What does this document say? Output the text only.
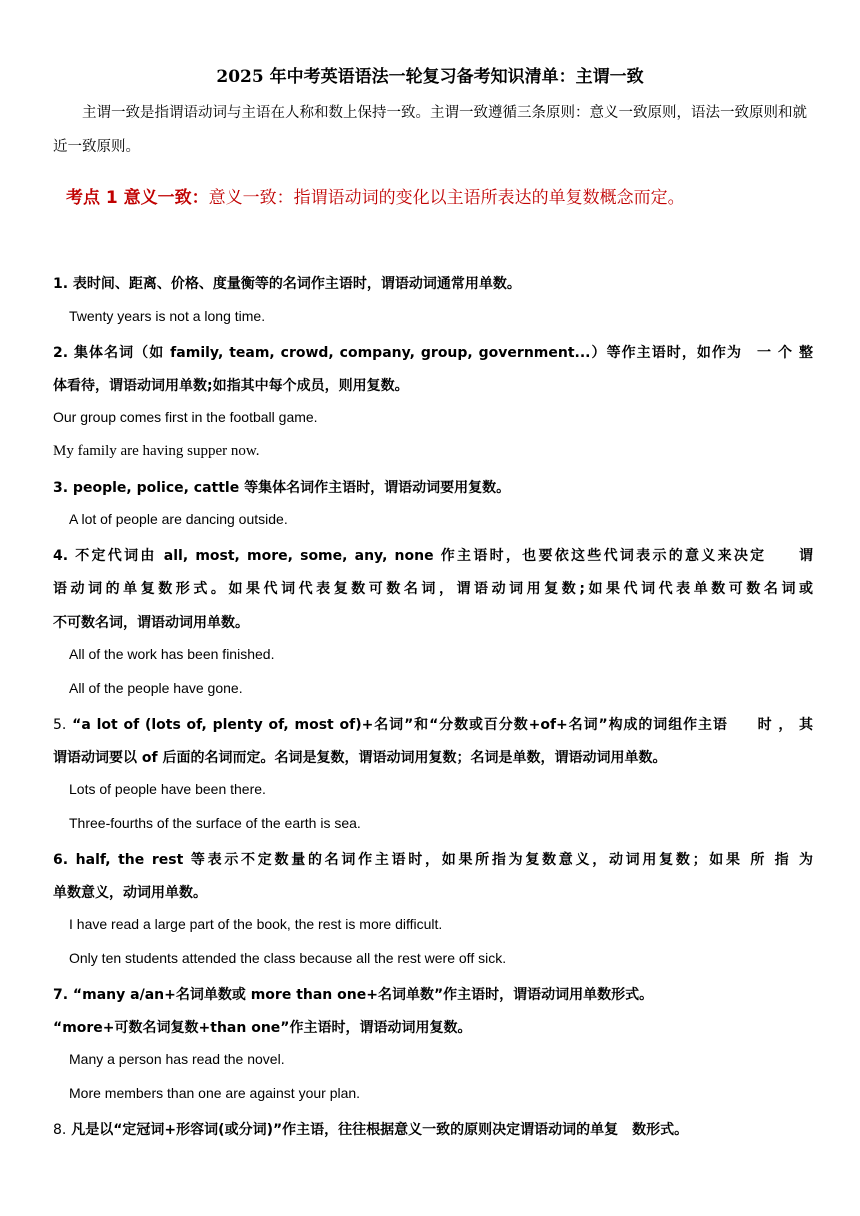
2025 年中考英语语法一轮复习备考知识清单：主谓一致
主谓一致是指谓语动词与主语在人称和数上保持一致。主谓一致遵循三条原则：意义一致原则，语法一致原则和就近一致原则。
考点 1 意义一致：意义一致：指谓语动词的变化以主语所表达的单复数概念而定。
1. 表时间、距离、价格、度量衡等的名词作主语时，谓语动词通常用单数。
Twenty years is not a long time.
2. 集体名词（如 family, team, crowd, company, group, government...）等作主语时，如作为　一 个 整
体看待，谓语动词用单数;如指其中每个成员，则用复数。
Our group comes first in the football game.
My family are having supper now.
3. people, police, cattle 等集体名词作主语时，谓语动词要用复数。
A lot of people are dancing outside.
4. 不定代词由 all, most, more, some, any, none 作主语时，也要依这些代词表示的意义来决定　　谓
语动词的单复数形式。如果代词代表复数可数名词，谓语动词用复数;如果代词代表单数可数名词或
不可数名词，谓语动词用单数。
All of the work has been finished.
All of the people have gone.
5. “a lot of (lots of, plenty of, most of)+名词”和“分数或百分数+of+名词”构成的词组作主语　　时 ， 其
谓语动词要以 of 后面的名词而定。名词是复数，谓语动词用复数；名词是单数，谓语动词用单数。
Lots of people have been there.
Three-fourths of the surface of the earth is sea.
6. half, the rest 等表示不定数量的名词作主语时，如果所指为复数意义，动词用复数；如果 所 指 为
单数意义，动词用单数。
I have read a large part of the book, the rest is more difficult.
Only ten students attended the class because all the rest were off sick.
7. “many a/an+名词单数或 more than one+名词单数”作主语时，谓语动词用单数形式。
“more+可数名词复数+than one”作主语时，谓语动词用复数。
Many a person has read the novel.
More members than one are against your plan.
8. 凡是以“定冠词+形容词(或分词)”作主语，往往根据意义一致的原则决定谓语动词的单复　数形式。
